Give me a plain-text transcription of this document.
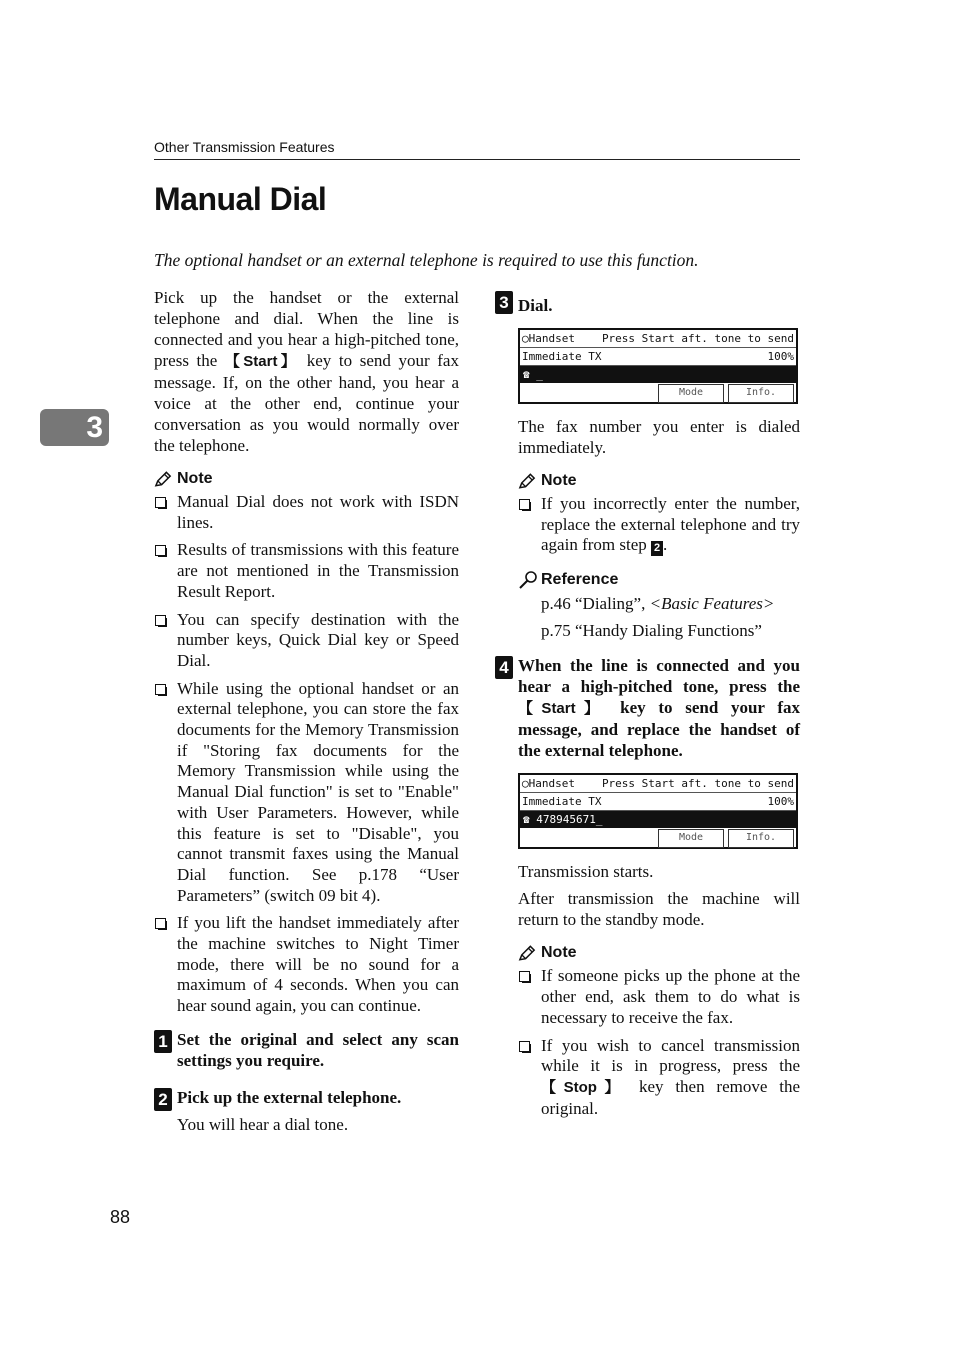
Other Transmission Features
Manual Dial
The optional handset or an external telephone is required to use this function.
3

Pick up the handset or the external telephone and dial. When the line is connected and you hear a high-pitched tone, press the 【Start】 key to send your fax message. If, on the other hand, you hear a voice at the other end, continue your conversation as you would normally over the telephone.

Note
Manual Dial does not work with ISDN lines.
Results of transmissions with this feature are not mentioned in the Transmission Result Report.
You can specify destination with the number keys, Quick Dial key or Speed Dial.
While using the optional handset or an external telephone, you can store the fax documents for the Memory Transmission if "Storing fax documents for the Memory Transmission while using the Manual Dial function" is set to "Enable" with User Parameters. However, while this feature is set to "Disable", you cannot transmit faxes using the Manual Dial function. See p.178 “User Parameters” (switch 09 bit 4).
If you lift the handset immediately after the machine switches to Night Timer mode, there will be no sound for a maximum of 4 seconds. When you can hear sound again, you can continue.
1 Set the original and select any scan settings you require.
2 Pick up the external telephone.

You will hear a dial tone.

3 Dial.
◯Handset Press Start aft. tone to send
Immediate TX	100%
☎ _
Mode	Info.

The fax number you enter is dialed immediately.

Note
If you incorrectly enter the number, replace the external telephone and try again from step 2 .
Reference

p.46 “Dialing”, <Basic Features>

p.75 “Handy Dialing Functions”

4 When the line is connected and you hear a high-pitched tone, press the 【Start】 key to send your fax message, and replace the handset of the external telephone.
◯Handset Press Start aft. tone to send
Immediate TX	100%
☎ 478945671_
Mode	Info.

Transmission starts.

After transmission the machine will return to the standby mode.

Note
If someone picks up the phone at the other end, ask them to do what is necessary to receive the fax.
If you wish to cancel transmission while it is in progress, press the 【Stop】 key then remove the original.
88
